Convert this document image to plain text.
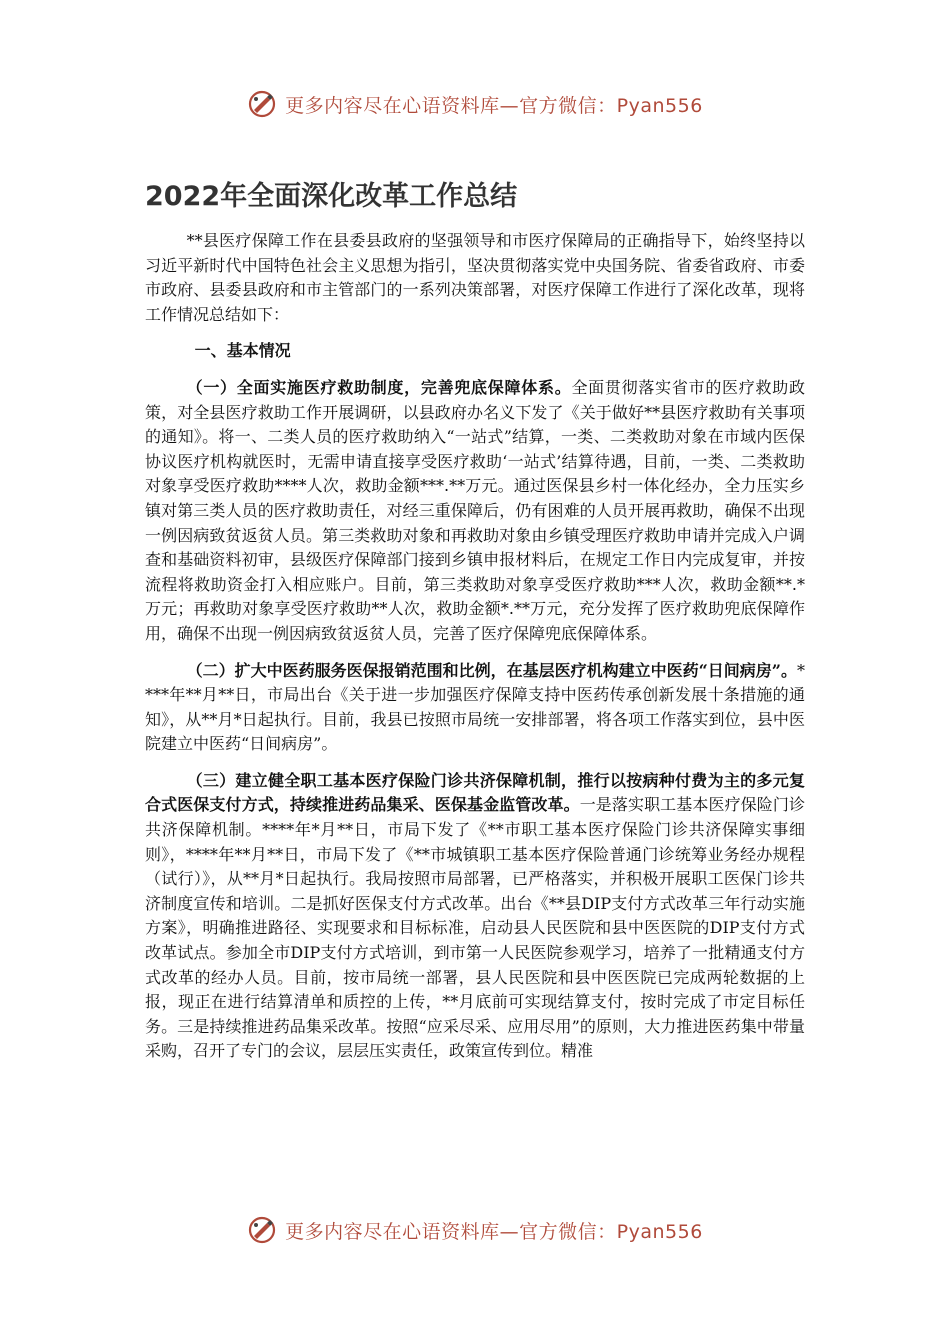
更多内容尽在心语资料库—官方微信：Pyan556
2022年全面深化改革工作总结

**县医疗保障工作在县委县政府的坚强领导和市医疗保障局的正确指导下，始终坚持以习近平新时代中国特色社会主义思想为指引，坚决贯彻落实党中央国务院、省委省政府、市委市政府、县委县政府和市主管部门的一系列决策部署，对医疗保障工作进行了深化改革，现将工作情况总结如下：

一、基本情况

（一）全面实施医疗救助制度，完善兜底保障体系。全面贯彻落实省市的医疗救助政策，对全县医疗救助工作开展调研，以县政府办名义下发了《关于做好**县医疗救助有关事项的通知》。将一、二类人员的医疗救助纳入“一站式”结算，一类、二类救助对象在市域内医保协议医疗机构就医时，无需申请直接享受医疗救助‘一站式’结算待遇，目前，一类、二类救助对象享受医疗救助****人次，救助金额***.**万元。通过医保县乡村一体化经办，全力压实乡镇对第三类人员的医疗救助责任，对经三重保障后，仍有困难的人员开展再救助，确保不出现一例因病致贫返贫人员。第三类救助对象和再救助对象由乡镇受理医疗救助申请并完成入户调查和基础资料初审，县级医疗保障部门接到乡镇申报材料后，在规定工作日内完成复审，并按流程将救助资金打入相应账户。目前，第三类救助对象享受医疗救助***人次，救助金额**.*万元；再救助对象享受医疗救助**人次，救助金额*.**万元，充分发挥了医疗救助兜底保障作用，确保不出现一例因病致贫返贫人员，完善了医疗保障兜底保障体系。

（二）扩大中医药服务医保报销范围和比例，在基层医疗机构建立中医药“日间病房”。****年**月**日，市局出台《关于进一步加强医疗保障支持中医药传承创新发展十条措施的通知》，从**月*日起执行。目前，我县已按照市局统一安排部署，将各项工作落实到位，县中医院建立中医药“日间病房”。

（三）建立健全职工基本医疗保险门诊共济保障机制，推行以按病种付费为主的多元复合式医保支付方式，持续推进药品集采、医保基金监管改革。一是落实职工基本医疗保险门诊共济保障机制。****年*月**日，市局下发了《**市职工基本医疗保险门诊共济保障实事细则》，****年**月**日，市局下发了《**市城镇职工基本医疗保险普通门诊统筹业务经办规程（试行）》，从**月*日起执行。我局按照市局部署，已严格落实，并积极开展职工医保门诊共济制度宣传和培训。二是抓好医保支付方式改革。出台《**县DIP支付方式改革三年行动实施方案》，明确推进路径、实现要求和目标标准，启动县人民医院和县中医医院的DIP支付方式改革试点。参加全市DIP支付方式培训，到市第一人民医院参观学习，培养了一批精通支付方式改革的经办人员。目前，按市局统一部署，县人民医院和县中医医院已完成两轮数据的上报，现正在进行结算清单和质控的上传，**月底前可实现结算支付，按时完成了市定目标任务。三是持续推进药品集采改革。按照“应采尽采、应用尽用”的原则，大力推进医药集中带量采购，召开了专门的会议，层层压实责任，政策宣传到位。精准

更多内容尽在心语资料库—官方微信：Pyan556
